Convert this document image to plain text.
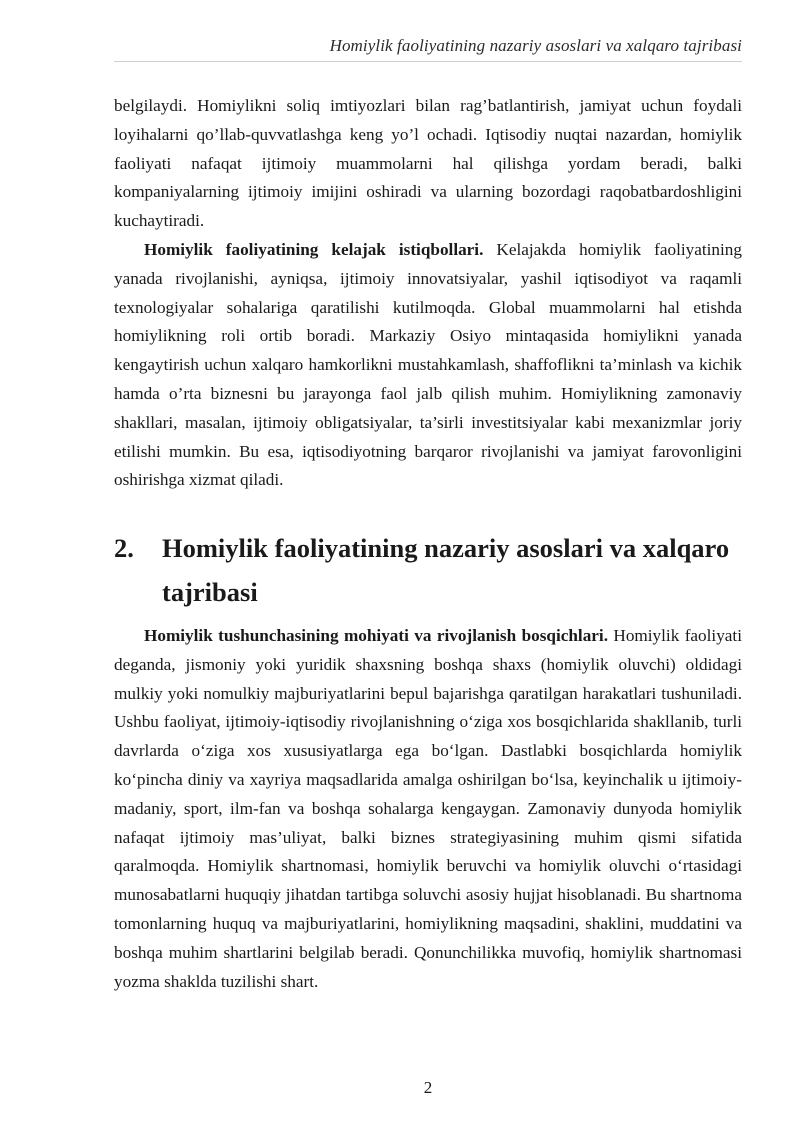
Homiylik faoliyatining nazariy asoslari va xalqaro tajribasi

belgilaydi. Homiylikni soliq imtiyozlari bilan rag’batlantirish, jamiyat uchun foydali loyihalarni qo’llab-quvvatlashga keng yo’l ochadi. Iqtisodiy nuqtai nazardan, homiylik faoliyati nafaqat ijtimoiy muammolarni hal qilishga yordam beradi, balki kompaniyalarning ijtimoiy imijini oshiradi va ularning bozordagi raqobatbardoshligini kuchaytiradi.

Homiylik faoliyatining kelajak istiqbollari. Kelajakda homiylik faoliyatining yanada rivojlanishi, ayniqsa, ijtimoiy innovatsiyalar, yashil iqtisodiyot va raqamli texnologiyalar sohalariga qaratilishi kutilmoqda. Global muammolarni hal etishda homiylikning roli ortib boradi. Markaziy Osiyo mintaqasida homiylikni yanada kengaytirish uchun xalqaro hamkorlikni mustahkamlash, shaffoflikni ta’minlash va kichik hamda o’rta biznesni bu jarayonga faol jalb qilish muhim. Homiylikning zamonaviy shakllari, masalan, ijtimoiy obligatsiyalar, ta’sirli investitsiyalar kabi mexanizmlar joriy etilishi mumkin. Bu esa, iqtisodiyotning barqaror rivojlanishi va jamiyat farovonligini oshirishga xizmat qiladi.

2.	Homiylik faoliyatining nazariy asoslari va xalqaro tajribasi

Homiylik tushunchasining mohiyati va rivojlanish bosqichlari. Homiylik faoliyati deganda, jismoniy yoki yuridik shaxsning boshqa shaxs (homiylik oluvchi) oldidagi mulkiy yoki nomulkiy majburiyatlarini bepul bajarishga qaratilgan harakatlari tushuniladi. Ushbu faoliyat, ijtimoiy-iqtisodiy rivojlanishning o‘ziga xos bosqichlarida shakllanib, turli davrlarda o‘ziga xos xususiyatlarga ega bo‘lgan. Dastlabki bosqichlarda homiylik ko‘pincha diniy va xayriya maqsadlarida amalga oshirilgan bo‘lsa, keyinchalik u ijtimoiy-madaniy, sport, ilm-fan va boshqa sohalarga kengaygan. Zamonaviy dunyoda homiylik nafaqat ijtimoiy mas’uliyat, balki biznes strategiyasining muhim qismi sifatida qaralmoqda. Homiylik shartnomasi, homiylik beruvchi va homiylik oluvchi o‘rtasidagi munosabatlarni huquqiy jihatdan tartibga soluvchi asosiy hujjat hisoblanadi. Bu shartnoma tomonlarning huquq va majburiyatlarini, homiylikning maqsadini, shaklini, muddatini va boshqa muhim shartlarini belgilab beradi. Qonunchilikka muvofiq, homiylik shartnomasi yozma shaklda tuzilishi shart.

2
